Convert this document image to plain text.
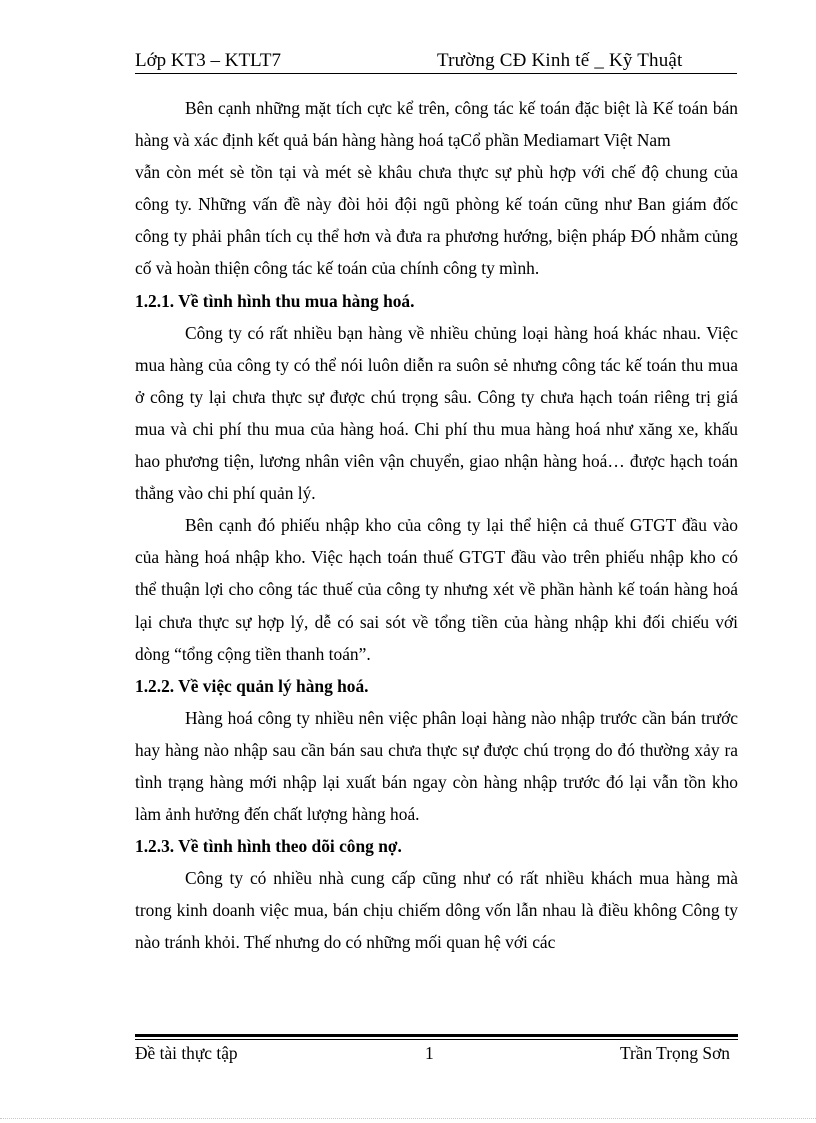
Lớp KT3 – KTLT7	Trường CĐ Kinh tế _ Kỹ Thuật

Bên cạnh những mặt tích cực kể trên, công tác kế toán đặc biệt là Kế toán bán hàng và xác định kết quả bán hàng hàng hoá tạCổ phần Mediamart Việt Nam

vẫn còn mét sè tồn tại và mét sè khâu chưa thực sự phù hợp với chế độ chung của công ty. Những vấn đề này đòi hỏi đội ngũ phòng kế toán cũng như Ban giám đốc công ty phải phân tích cụ thể hơn và đưa ra phương hướng, biện pháp ĐÓ nhằm củng cố và hoàn thiện công tác kế toán của chính công ty mình.

1.2.1. Về tình hình thu mua hàng hoá.

Công ty có rất nhiều bạn hàng về nhiều chủng loại hàng hoá khác nhau. Việc mua hàng của công ty có thể nói luôn diễn ra suôn sẻ nhưng công tác kế toán thu mua ở công ty lại chưa thực sự được chú trọng sâu. Công ty chưa hạch toán riêng trị giá mua và chi phí thu mua của hàng hoá. Chi phí thu mua hàng hoá như xăng xe, khấu hao phương tiện, lương nhân viên vận chuyển, giao nhận hàng hoá… được hạch toán thẳng vào chi phí quản lý.

Bên cạnh đó phiếu nhập kho của công ty lại thể hiện cả thuế GTGT đầu vào của hàng hoá nhập kho. Việc hạch toán thuế GTGT đầu vào trên phiếu nhập kho có thể thuận lợi cho công tác thuế của công ty nhưng xét về phần hành kế toán hàng hoá lại chưa thực sự hợp lý, dễ có sai sót về tổng tiền của hàng nhập khi đối chiếu với dòng “tổng cộng tiền thanh toán”.

1.2.2. Về việc quản lý hàng hoá.

Hàng hoá công ty nhiều nên việc phân loại hàng nào nhập trước cần bán trước hay hàng nào nhập sau cần bán sau chưa thực sự được chú trọng do đó thường xảy ra tình trạng hàng mới nhập lại xuất bán ngay còn hàng nhập trước đó lại vẫn tồn kho làm ảnh hưởng đến chất lượng hàng hoá.

1.2.3. Về tình hình theo dõi công nợ.

Công ty có nhiều nhà cung cấp cũng như có rất nhiều khách mua hàng mà trong kinh doanh việc mua, bán chịu chiếm dông vốn lẫn nhau là điều không Công ty nào tránh khỏi. Thế nhưng do có những mối quan hệ với các

Đề tài thực tập	1	Trần Trọng Sơn
